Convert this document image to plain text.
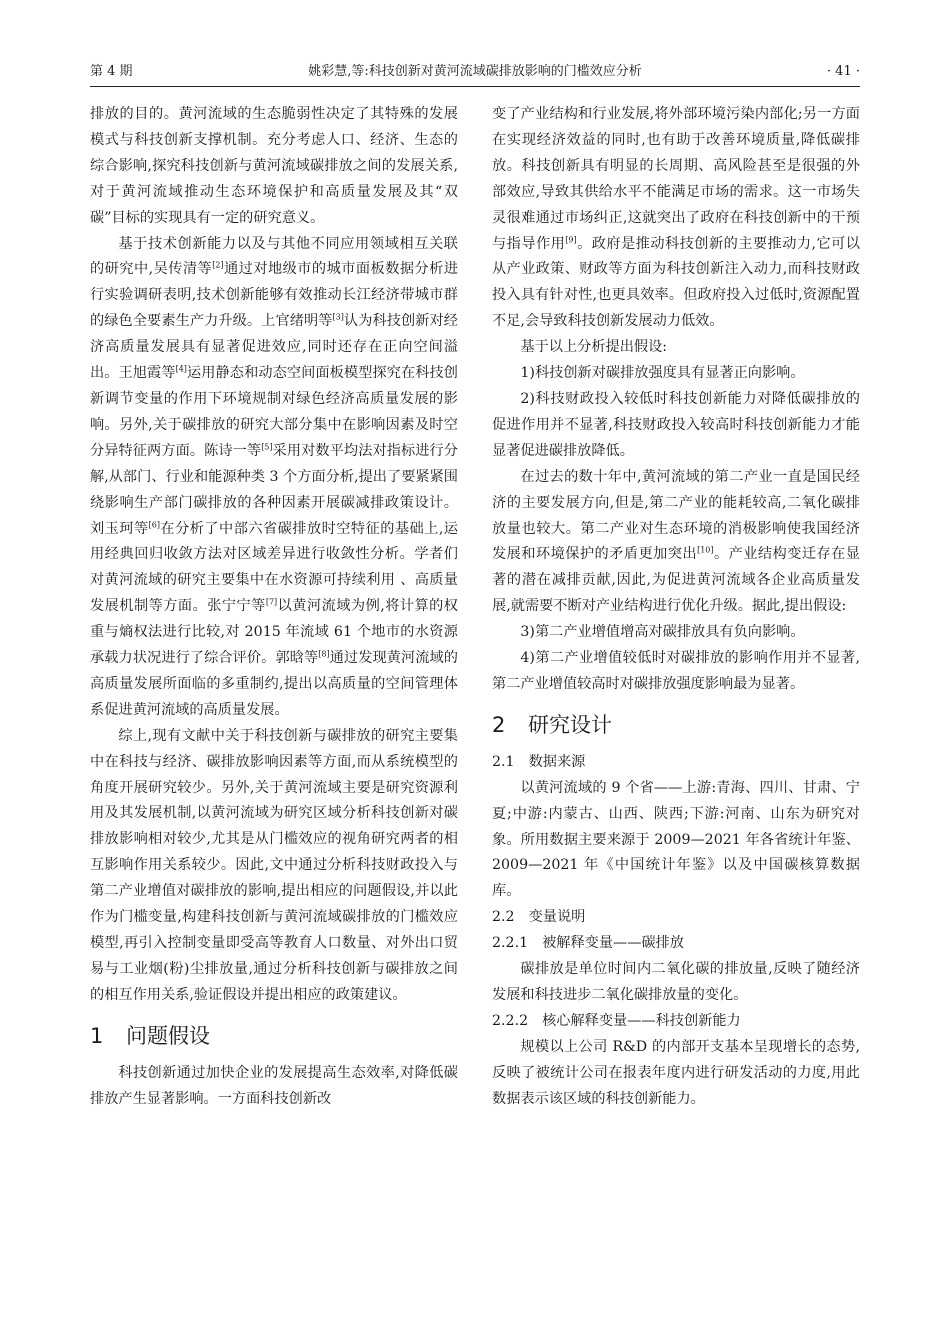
第 4 期	姚彩慧,等:科技创新对黄河流域碳排放影响的门槛效应分析	· 41 ·

排放的目的。黄河流域的生态脆弱性决定了其特殊的发展模式与科技创新支撑机制。充分考虑人口、经济、生态的综合影响,探究科技创新与黄河流域碳排放之间的发展关系,对于黄河流域推动生态环境保护和高质量发展及其“双碳”目标的实现具有一定的研究意义。

基于技术创新能力以及与其他不同应用领域相互关联的研究中,吴传清等[2]通过对地级市的城市面板数据分析进行实验调研表明,技术创新能够有效推动长江经济带城市群的绿色全要素生产力升级。上官绪明等[3]认为科技创新对经济高质量发展具有显著促进效应,同时还存在正向空间溢出。王旭霞等[4]运用静态和动态空间面板模型探究在科技创新调节变量的作用下环境规制对绿色经济高质量发展的影响。另外,关于碳排放的研究大部分集中在影响因素及时空分异特征两方面。陈诗一等[5]采用对数平均法对指标进行分解,从部门、行业和能源种类 3 个方面分析,提出了要紧紧围绕影响生产部门碳排放的各种因素开展碳减排政策设计。刘玉珂等[6]在分析了中部六省碳排放时空特征的基础上,运用经典回归收敛方法对区域差异进行收敛性分析。学者们对黄河流域的研究主要集中在水资源可持续利用 、高质量发展机制等方面。张宁宁等[7]以黄河流域为例,将计算的权重与熵权法进行比较,对 2015 年流域 61 个地市的水资源承载力状况进行了综合评价。郭晗等[8]通过发现黄河流域的高质量发展所面临的多重制约,提出以高质量的空间管理体系促进黄河流域的高质量发展。

综上,现有文献中关于科技创新与碳排放的研究主要集中在科技与经济、碳排放影响因素等方面,而从系统模型的角度开展研究较少。另外,关于黄河流域主要是研究资源利用及其发展机制,以黄河流域为研究区域分析科技创新对碳排放影响相对较少,尤其是从门槛效应的视角研究两者的相互影响作用关系较少。因此,文中通过分析科技财政投入与第二产业增值对碳排放的影响,提出相应的问题假设,并以此作为门槛变量,构建科技创新与黄河流域碳排放的门槛效应模型,再引入控制变量即受高等教育人口数量、对外出口贸易与工业烟(粉)尘排放量,通过分析科技创新与碳排放之间的相互作用关系,验证假设并提出相应的政策建议。

1 问题假设

科技创新通过加快企业的发展提高生态效率,对降低碳排放产生显著影响。一方面科技创新改

变了产业结构和行业发展,将外部环境污染内部化;另一方面在实现经济效益的同时,也有助于改善环境质量,降低碳排放。科技创新具有明显的长周期、高风险甚至是很强的外部效应,导致其供给水平不能满足市场的需求。这一市场失灵很难通过市场纠正,这就突出了政府在科技创新中的干预与指导作用[9]。政府是推动科技创新的主要推动力,它可以从产业政策、财政等方面为科技创新注入动力,而科技财政投入具有针对性,也更具效率。但政府投入过低时,资源配置不足,会导致科技创新发展动力低效。

基于以上分析提出假设:

1)科技创新对碳排放强度具有显著正向影响。

2)科技财政投入较低时科技创新能力对降低碳排放的促进作用并不显著,科技财政投入较高时科技创新能力才能显著促进碳排放降低。

在过去的数十年中,黄河流域的第二产业一直是国民经济的主要发展方向,但是,第二产业的能耗较高,二氧化碳排放量也较大。第二产业对生态环境的消极影响使我国经济发展和环境保护的矛盾更加突出[10]。产业结构变迁存在显著的潜在减排贡献,因此,为促进黄河流域各企业高质量发展,就需要不断对产业结构进行优化升级。据此,提出假设:

3)第二产业增值增高对碳排放具有负向影响。

4)第二产业增值较低时对碳排放的影响作用并不显著,第二产业增值较高时对碳排放强度影响最为显著。

2 研究设计
2.1 数据来源

以黄河流域的 9 个省——上游:青海、四川、甘肃、宁夏;中游:内蒙古、山西、陕西;下游:河南、山东为研究对象。所用数据主要来源于 2009—2021 年各省统计年鉴、2009—2021 年《中国统计年鉴》以及中国碳核算数据库。

2.2 变量说明
2.2.1 被解释变量——碳排放

碳排放是单位时间内二氧化碳的排放量,反映了随经济发展和科技进步二氧化碳排放量的变化。

2.2.2 核心解释变量——科技创新能力

规模以上公司 R&D 的内部开支基本呈现增长的态势,反映了被统计公司在报表年度内进行研发活动的力度,用此数据表示该区域的科技创新能力。
